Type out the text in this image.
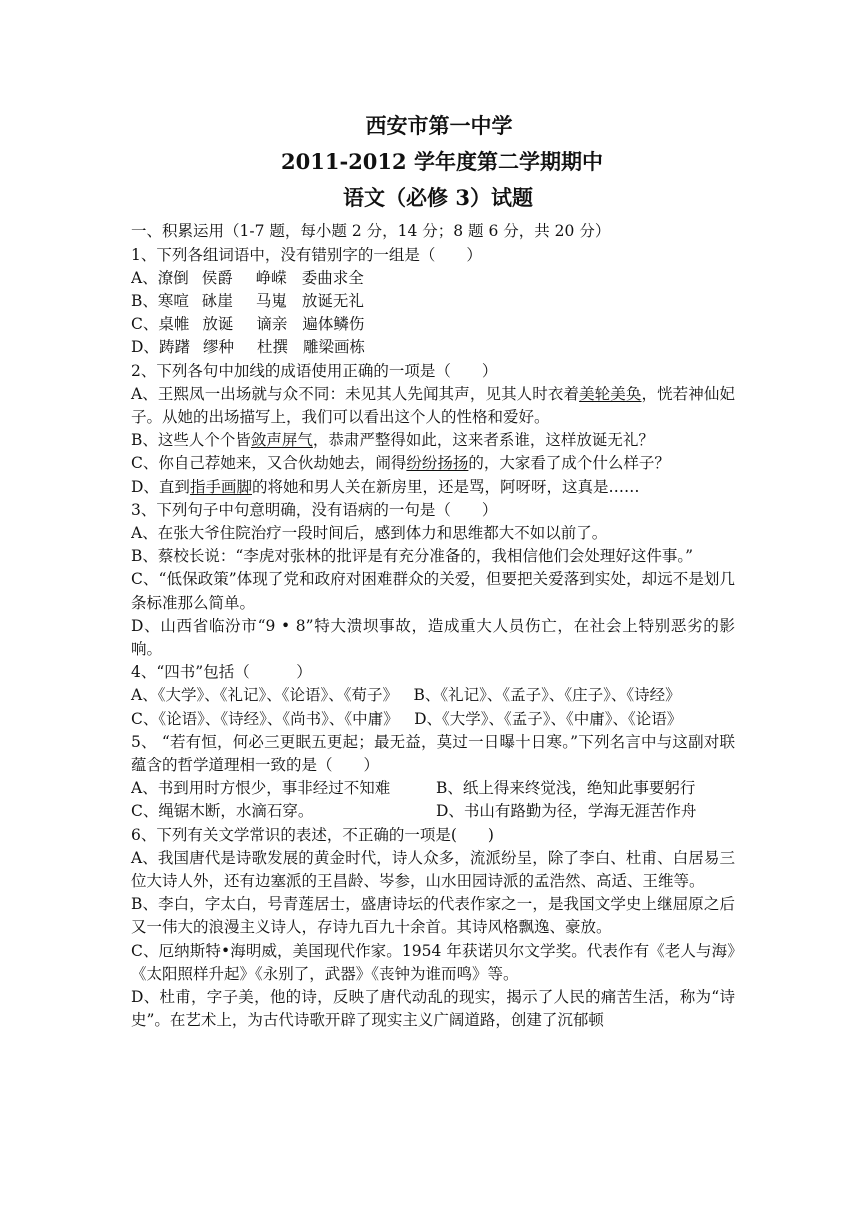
西安市第一中学
2011-2012 学年度第二学期期中
语文（必修 3）试题
一、积累运用（1-7 题，每小题 2 分，14 分；8 题 6 分，共 20 分）
1、下列各组词语中，没有错别字的一组是（　　）
A、潦倒 侯爵 峥嵘 委曲求全
B、寒喧 砯崖 马嵬 放诞无礼
C、桌帷 放诞 谪亲 遍体鳞伤
D、踌躇 缪种 杜撰 雕梁画栋
2、下列各句中加线的成语使用正确的一项是（　　）
A、王熙凤一出场就与众不同：未见其人先闻其声，见其人时衣着美轮美奂，恍若神仙妃子。从她的出场描写上，我们可以看出这个人的性格和爱好。
B、这些人个个皆敛声屏气，恭肃严整得如此，这来者系谁，这样放诞无礼？
C、你自己荐她来，又合伙劫她去，闹得纷纷扬扬的，大家看了成个什么样子？
D、直到指手画脚的将她和男人关在新房里，还是骂，阿呀呀，这真是……
3、下列句子中句意明确，没有语病的一句是（　　）
A、在张大爷住院治疗一段时间后，感到体力和思维都大不如以前了。
B、蔡校长说：“李虎对张林的批评是有充分准备的，我相信他们会处理好这件事。”
C、“低保政策”体现了党和政府对困难群众的关爱，但要把关爱落到实处，却远不是划几条标准那么简单。
D、山西省临汾市“9 • 8”特大溃坝事故，造成重大人员伤亡，在社会上特别恶劣的影响。
4、“四书”包括（　　　）
A、《大学》、《礼记》、《论语》、《荀子》  B、《礼记》、《孟子》、《庄子》、《诗经》
C、《论语》、《诗经》、《尚书》、《中庸》  D、《大学》、《孟子》、《中庸》、《论语》
5、 “若有恒，何必三更眠五更起；最无益，莫过一日曝十日寒。”下列名言中与这副对联蕴含的哲学道理相一致的是（　　）
A、书到用时方恨少，事非经过不知难	B、纸上得来终觉浅，绝知此事要躬行
C、绳锯木断，水滴石穿。	D、书山有路勤为径，学海无涯苦作舟
6、下列有关文学常识的表述，不正确的一项是(　　)
A、我国唐代是诗歌发展的黄金时代，诗人众多，流派纷呈，除了李白、杜甫、白居易三位大诗人外，还有边塞派的王昌龄、岑参，山水田园诗派的孟浩然、高适、王维等。
B、李白，字太白，号青莲居士，盛唐诗坛的代表作家之一，是我国文学史上继屈原之后又一伟大的浪漫主义诗人，存诗九百九十余首。其诗风格飘逸、豪放。
C、厄纳斯特•海明威，美国现代作家。1954 年获诺贝尔文学奖。代表作有《老人与海》《太阳照样升起》《永别了，武器》《丧钟为谁而鸣》等。
D、杜甫，字子美，他的诗，反映了唐代动乱的现实，揭示了人民的痛苦生活，称为“诗史”。在艺术上，为古代诗歌开辟了现实主义广阔道路，创建了沉郁顿
